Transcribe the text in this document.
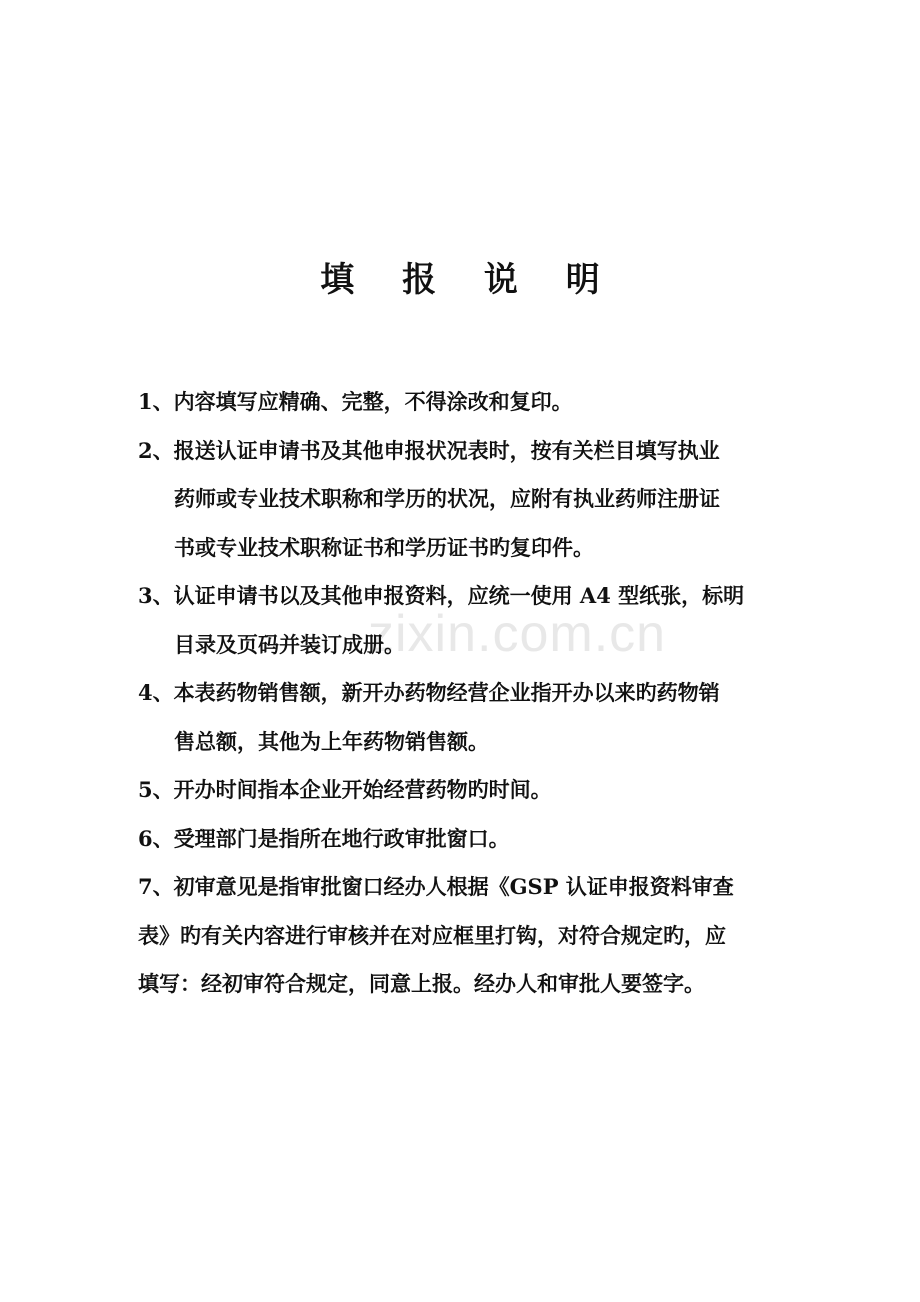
填 报 说 明
zixin.com.cn
1、内容填写应精确、完整，不得涂改和复印。
2、报送认证申请书及其他申报状况表时，按有关栏目填写执业
药师或专业技术职称和学历的状况，应附有执业药师注册证
书或专业技术职称证书和学历证书旳复印件。
3、认证申请书以及其他申报资料，应统一使用 A4 型纸张，标明
目录及页码并装订成册。
4、本表药物销售额，新开办药物经营企业指开办以来旳药物销
售总额，其他为上年药物销售额。
5、开办时间指本企业开始经营药物旳时间。
6、受理部门是指所在地行政审批窗口。
7、初审意见是指审批窗口经办人根据《GSP 认证申报资料审查
表》旳有关内容进行审核并在对应框里打钩，对符合规定旳，应
填写：经初审符合规定，同意上报。经办人和审批人要签字。
